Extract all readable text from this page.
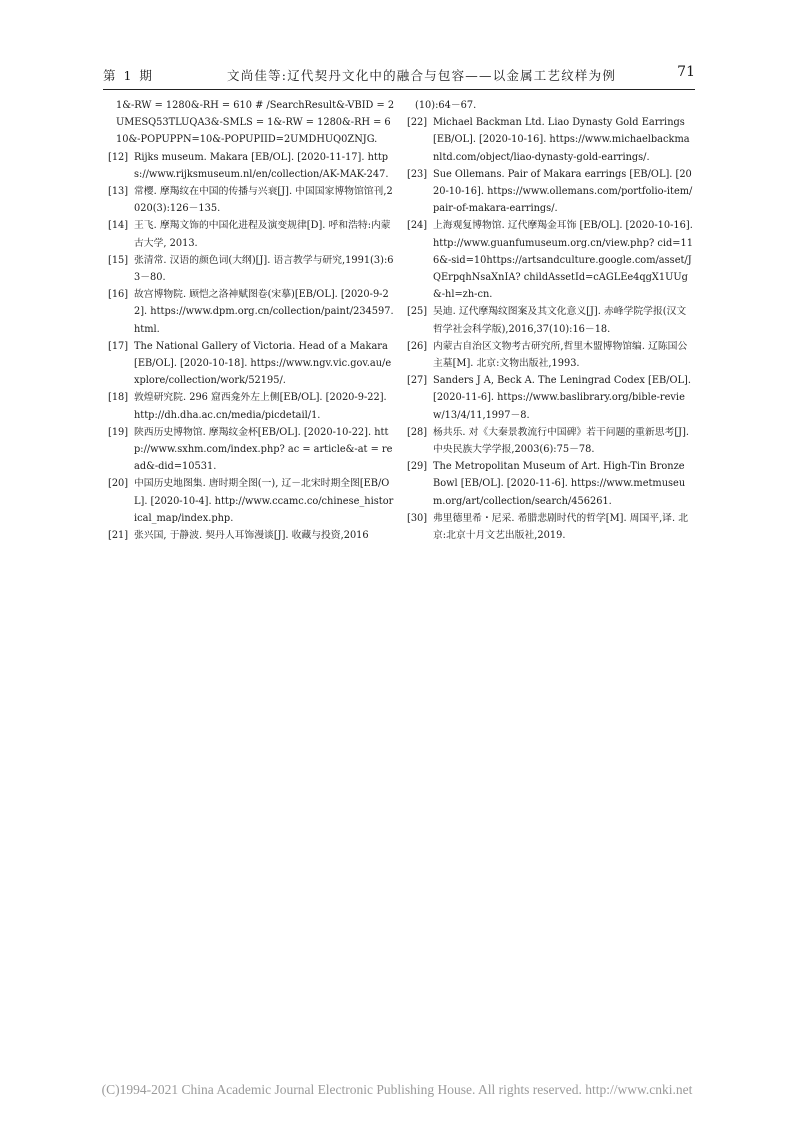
第 1 期	文尚佳等:辽代契丹文化中的融合与包容——以金属工艺纹样为例	71
1&-RW = 1280&-RH = 610 # /SearchResult&-VBID = 2UMESQ53TLUQA3&-SMLS = 1&-RW = 1280&-RH = 610&-POPUPPN=10&-POPUPIID=2UMDHUQ0ZNJG.
[12] Rijks museum. Makara [EB/OL]. [2020-11-17]. https://www.rijksmuseum.nl/en/collection/AK-MAK-247.
[13] 常樱. 摩羯纹在中国的传播与兴衰[J]. 中国国家博物馆馆刊,2020(3):126－135.
[14] 王飞. 摩羯文饰的中国化进程及演变规律[D]. 呼和浩特:内蒙古大学, 2013.
[15] 张清常. 汉语的颜色词(大纲)[J]. 语言教学与研究,1991(3):63－80.
[16] 故宫博物院. 顾恺之洛神赋图卷(宋摹)[EB/OL]. [2020-9-22]. https://www.dpm.org.cn/collection/paint/234597.html.
[17] The National Gallery of Victoria. Head of a Makara [EB/OL]. [2020-10-18]. https://www.ngv.vic.gov.au/explore/collection/work/52195/.
[18] 敦煌研究院. 296 窟西龛外左上侧[EB/OL]. [2020-9-22]. http://dh.dha.ac.cn/media/picdetail/1.
[19] 陕西历史博物馆. 摩羯纹金杯[EB/OL]. [2020-10-22]. http://www.sxhm.com/index.php? ac = article&-at = read&-did=10531.
[20] 中国历史地图集. 唐时期全图(一), 辽－北宋时期全图[EB/OL]. [2020-10-4]. http://www.ccamc.co/chinese_historical_map/index.php.
[21] 张兴国, 于静波. 契丹人耳饰漫谈[J]. 收藏与投资,2016
(10):64－67.
[22] Michael Backman Ltd. Liao Dynasty Gold Earrings [EB/OL]. [2020-10-16]. https://www.michaelbackmanltd.com/object/liao-dynasty-gold-earrings/.
[23] Sue Ollemans. Pair of Makara earrings [EB/OL]. [2020-10-16]. https://www.ollemans.com/portfolio-item/pair-of-makara-earrings/.
[24] 上海观复博物馆. 辽代摩羯金耳饰 [EB/OL]. [2020-10-16]. http://www.guanfumuseum.org.cn/view.php? cid=116&-sid=10https://artsandculture.google.com/asset/JQErpqhNsaXnIA? childAssetId=cAGLEe4qgX1UUg&-hl=zh-cn.
[25] 吴迪. 辽代摩羯纹图案及其文化意义[J]. 赤峰学院学报(汉文哲学社会科学版),2016,37(10):16－18.
[26] 内蒙古自治区文物考古研究所,哲里木盟博物馆编. 辽陈国公主墓[M]. 北京:文物出版社,1993.
[27] Sanders J A, Beck A. The Leningrad Codex [EB/OL]. [2020-11-6]. https://www.baslibrary.org/bible-review/13/4/11,1997－8.
[28] 杨共乐. 对《大秦景教流行中国碑》若干问题的重新思考[J]. 中央民族大学学报,2003(6):75－78.
[29] The Metropolitan Museum of Art. High-Tin Bronze Bowl [EB/OL]. [2020-11-6]. https://www.metmuseum.org/art/collection/search/456261.
[30] 弗里德里希・尼采. 希腊悲剧时代的哲学[M]. 周国平,译. 北京:北京十月文艺出版社,2019.
(C)1994-2021 China Academic Journal Electronic Publishing House. All rights reserved. http://www.cnki.net
